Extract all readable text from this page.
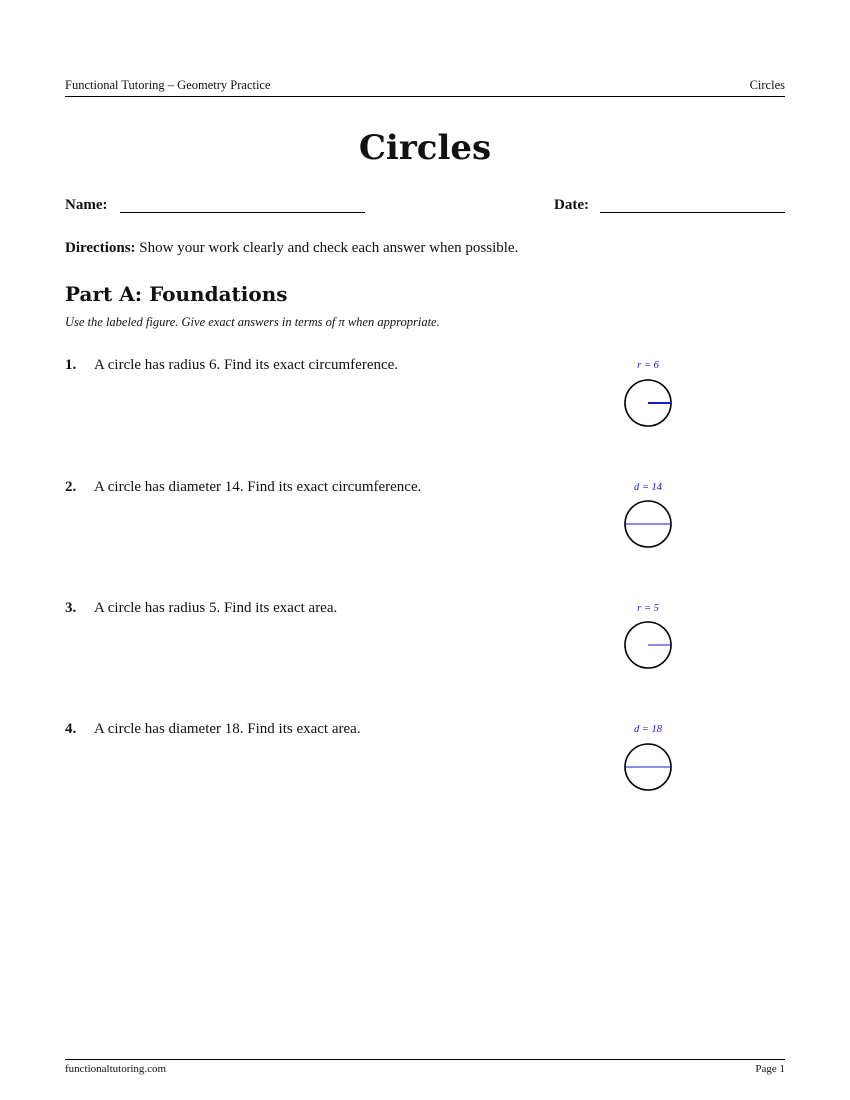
Functional Tutoring – Geometry Practice	Circles
Circles
Name:	Date:
Directions: Show your work clearly and check each answer when possible.
Part A: Foundations
Use the labeled figure. Give exact answers in terms of π when appropriate.
1. A circle has radius 6. Find its exact circumference.	r = 6
2. A circle has diameter 14. Find its exact circumference.	d = 14
3. A circle has radius 5. Find its exact area.	r = 5
4. A circle has diameter 18. Find its exact area.	d = 18
functionaltutoring.com	Page 1
